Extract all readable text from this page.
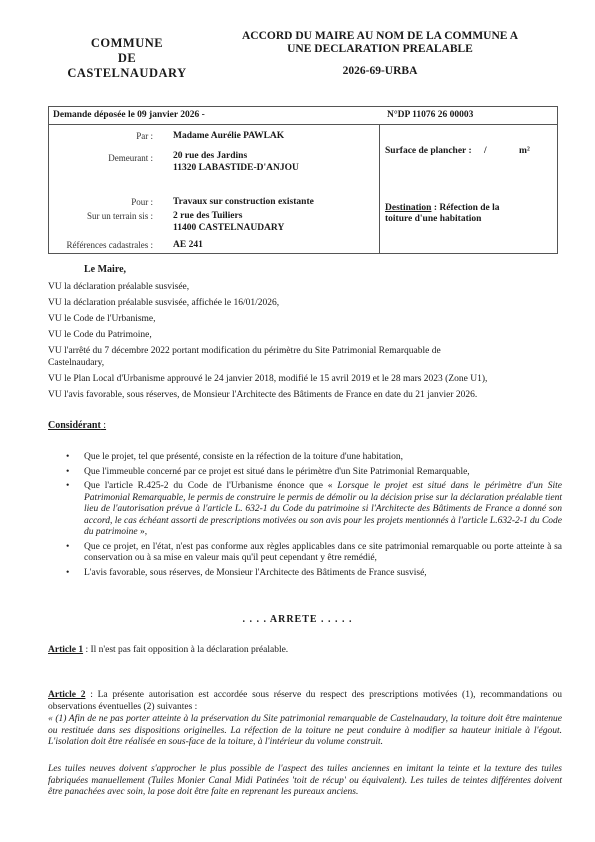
COMMUNE
DE
CASTELNAUDARY
ACCORD DU MAIRE AU NOM DE LA COMMUNE A
UNE DECLARATION PREALABLE
2026-69-URBA
Demande déposée le 09 janvier 2026 -	N°DP 11076 26 00003
Par : Madame Aurélie PAWLAK
Demeurant : 20 rue des Jardins
11320 LABASTIDE-D'ANJOU
Pour : Travaux sur construction existante
Sur un terrain sis : 2 rue des Tuiliers
11400 CASTELNAUDARY
Références cadastrales : AE 241
Surface de plancher : /	m²
Destination : Réfection de la
toiture d'une habitation
Le Maire,
VU la déclaration préalable susvisée,
VU la déclaration préalable susvisée, affichée le 16/01/2026,
VU le Code de l'Urbanisme,
VU le Code du Patrimoine,
VU l'arrêté du 7 décembre 2022 portant modification du périmètre du Site Patrimonial Remarquable de
Castelnaudary,
VU le Plan Local d'Urbanisme approuvé le 24 janvier 2018, modifié le 15 avril 2019 et le 28 mars 2023 (Zone U1),
VU l'avis favorable, sous réserves, de Monsieur l'Architecte des Bâtiments de France en date du 21 janvier 2026.
Considérant :
• Que le projet, tel que présenté, consiste en la réfection de la toiture d'une habitation,
• Que l'immeuble concerné par ce projet est situé dans le périmètre d'un Site Patrimonial Remarquable,
• Que l'article R.425-2 du Code de l'Urbanisme énonce que « Lorsque le projet est situé dans le périmètre d'un Site Patrimonial Remarquable, le permis de construire le permis de démolir ou la décision prise sur la déclaration préalable tient lieu de l'autorisation prévue à l'article L. 632-1 du Code du patrimoine si l'Architecte des Bâtiments de France a donné son accord, le cas échéant assorti de prescriptions motivées ou son avis pour les projets mentionnés à l'article L.632-2-1 du Code du patrimoine »,
• Que ce projet, en l'état, n'est pas conforme aux règles applicables dans ce site patrimonial remarquable ou porte atteinte à sa conservation ou à sa mise en valeur mais qu'il peut cependant y être remédié,
• L'avis favorable, sous réserves, de Monsieur l'Architecte des Bâtiments de France susvisé,
. . . . ARRETE . . . . .
Article 1 : Il n'est pas fait opposition à la déclaration préalable.
Article 2 : La présente autorisation est accordée sous réserve du respect des prescriptions motivées (1), recommandations ou observations éventuelles (2) suivantes :
« (1) Afin de ne pas porter atteinte à la préservation du Site patrimonial remarquable de Castelnaudary, la toiture doit être maintenue ou restituée dans ses dispositions originelles. La réfection de la toiture ne peut conduire à modifier sa hauteur initiale à l'égout. L'isolation doit être réalisée en sous-face de la toiture, à l'intérieur du volume construit.
Les tuiles neuves doivent s'approcher le plus possible de l'aspect des tuiles anciennes en imitant la teinte et la texture des tuiles fabriquées manuellement (Tuiles Monier Canal Midi Patinées 'toit de récup' ou équivalent). Les tuiles de teintes différentes doivent être panachées avec soin, la pose doit être faite en reprenant les pureaux anciens.
